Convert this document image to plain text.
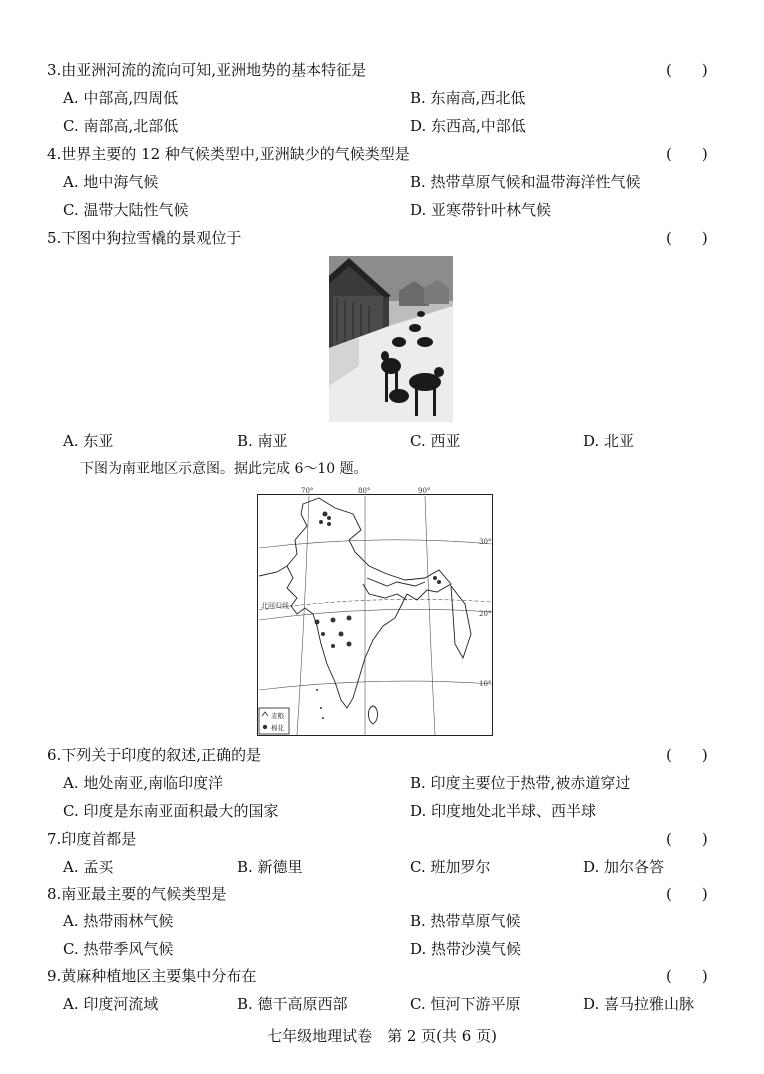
3.由亚洲河流的流向可知,亚洲地势的基本特征是	(　　)
A. 中部高,四周低	B. 东南高,西北低
C. 南部高,北部低	D. 东西高,中部低
4.世界主要的 12 种气候类型中,亚洲缺少的气候类型是	(　　)
A. 地中海气候	B. 热带草原气候和温带海洋性气候
C. 温带大陆性气候	D. 亚寒带针叶林气候
5.下图中狗拉雪橇的景观位于	(　　)
A. 东亚	B. 南亚	C. 西亚	D. 北亚
下图为南亚地区示意图。据此完成 6～10 题。
70°	80°	90°
30°
20°
10°
北回归线
麦粮
棉花
6.下列关于印度的叙述,正确的是	(　　)
A. 地处南亚,南临印度洋	B. 印度主要位于热带,被赤道穿过
C. 印度是东南亚面积最大的国家	D. 印度地处北半球、西半球
7.印度首都是	(　　)
A. 孟买	B. 新德里	C. 班加罗尔	D. 加尔各答
8.南亚最主要的气候类型是	(　　)
A. 热带雨林气候	B. 热带草原气候
C. 热带季风气候	D. 热带沙漠气候
9.黄麻种植地区主要集中分布在	(　　)
A. 印度河流域	B. 德干高原西部	C. 恒河下游平原	D. 喜马拉雅山脉
七年级地理试卷　第 2 页(共 6 页)
